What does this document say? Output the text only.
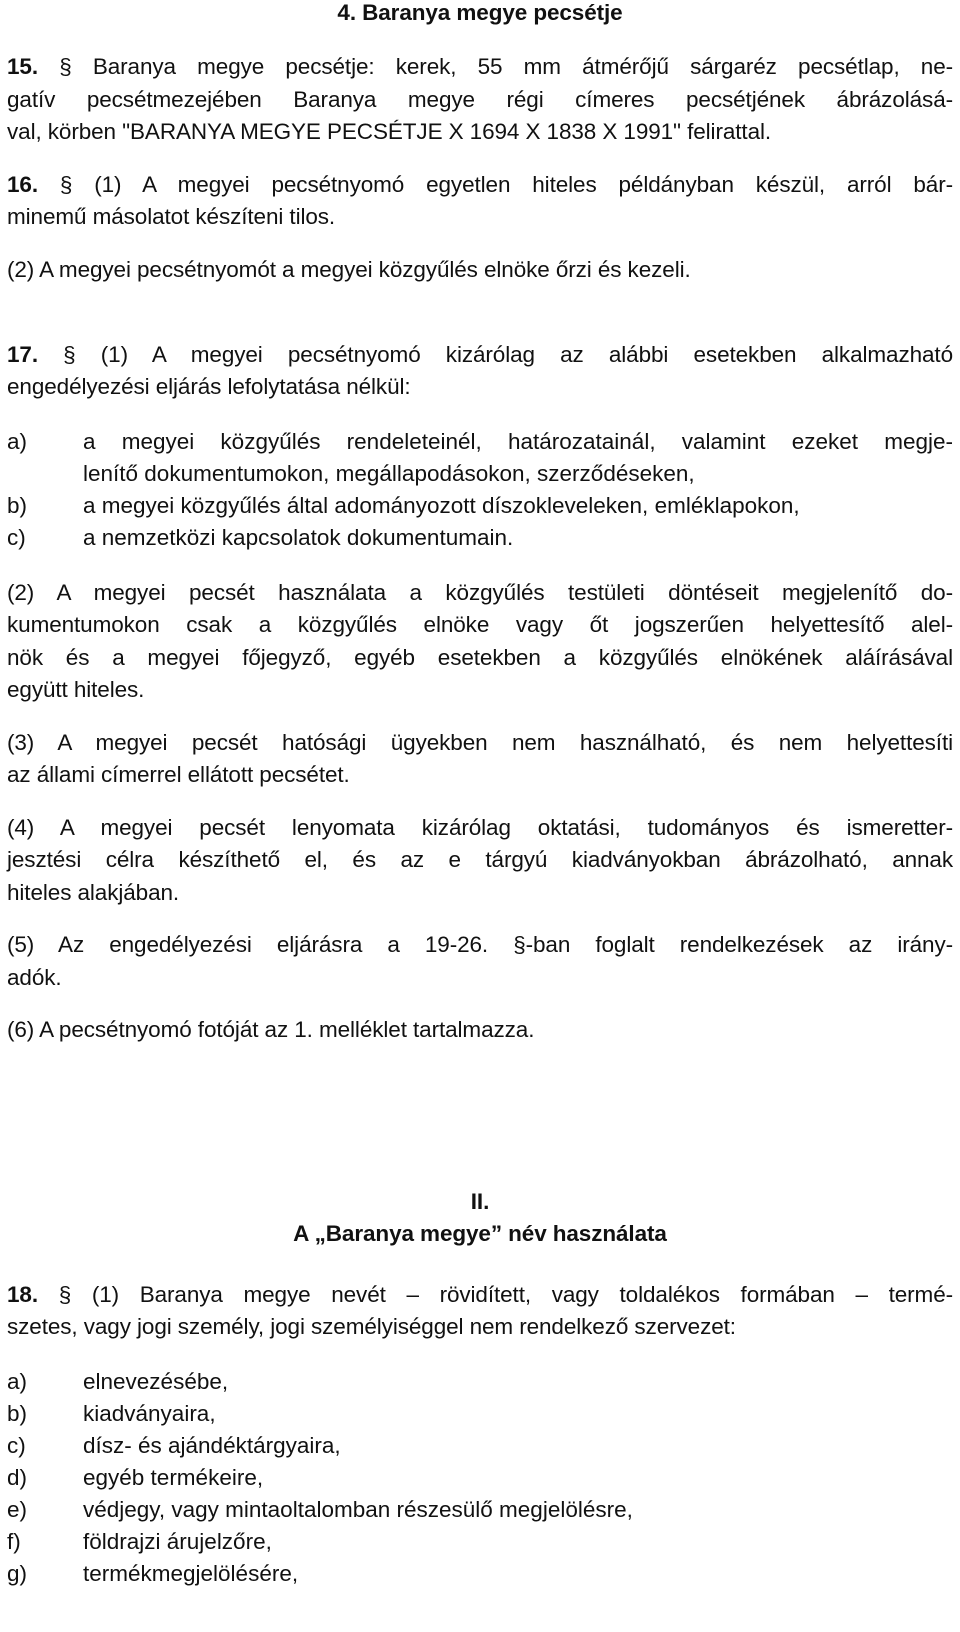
4. Baranya megye pecsétje
15. § Baranya megye pecsétje: kerek, 55 mm átmérőjű sárgaréz pecsétlap, ne-
gatív pecsétmezejében Baranya megye régi címeres pecsétjének ábrázolásá-
val, körben "BARANYA MEGYE PECSÉTJE X 1694 X 1838 X 1991" felirattal.
16. § (1) A megyei pecsétnyomó egyetlen hiteles példányban készül, arról bár-
minemű másolatot készíteni tilos.
(2) A megyei pecsétnyomót a megyei közgyűlés elnöke őrzi és kezeli.
17. § (1) A megyei pecsétnyomó kizárólag az alábbi esetekben alkalmazható
engedélyezési eljárás lefolytatása nélkül:
a) a megyei közgyűlés rendeleteinél, határozatainál, valamint ezeket megje-
lenítő dokumentumokon, megállapodásokon, szerződéseken,
b) a megyei közgyűlés által adományozott díszokleveleken, emléklapokon,
c)	a nemzetközi kapcsolatok dokumentumain.
(2) A megyei pecsét használata a közgyűlés testületi döntéseit megjelenítő do-
kumentumokon csak a közgyűlés elnöke vagy őt jogszerűen helyettesítő alel-
nök és a megyei főjegyző, egyéb esetekben a közgyűlés elnökének aláírásával
együtt hiteles.
(3) A megyei pecsét hatósági ügyekben nem használható, és nem helyettesíti
az állami címerrel ellátott pecsétet.
(4) A megyei pecsét lenyomata kizárólag oktatási, tudományos és ismeretter-
jesztési célra készíthető el, és az e tárgyú kiadványokban ábrázolható, annak
hiteles alakjában.
(5) Az engedélyezési eljárásra a 19-26. §-ban foglalt rendelkezések az irány-
adók.
(6) A pecsétnyomó fotóját az 1. melléklet tartalmazza.
II.
A „Baranya megye” név használata
18. § (1) Baranya megye nevét – rövidített, vagy toldalékos formában – termé-
szetes, vagy jogi személy, jogi személyiséggel nem rendelkező szervezet:
a) elnevezésébe,
b) kiadványaira,
c)	dísz- és ajándéktárgyaira,
d) egyéb termékeire,
e) védjegy, vagy mintaoltalomban részesülő megjelölésre,
f)	földrajzi árujelzőre,
g) termékmegjelölésére,
